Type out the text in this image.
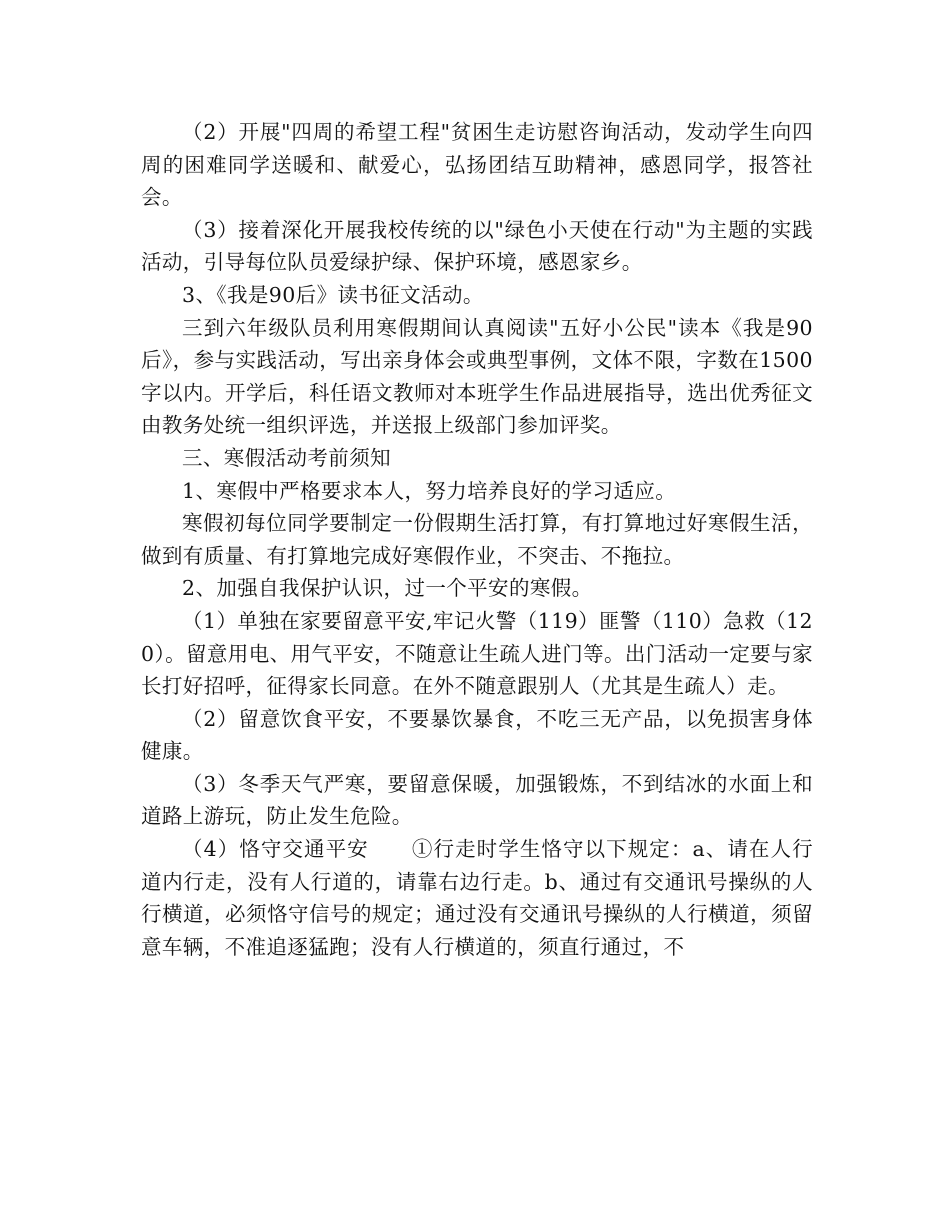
（2）开展"四周的希望工程"贫困生走访慰咨询活动，发动学生向四周的困难同学送暖和、献爱心，弘扬团结互助精神，感恩同学，报答社会。

（3）接着深化开展我校传统的以"绿色小天使在行动"为主题的实践活动，引导每位队员爱绿护绿、保护环境，感恩家乡。

3、《我是90后》读书征文活动。

三到六年级队员利用寒假期间认真阅读"五好小公民"读本《我是90后》，参与实践活动，写出亲身体会或典型事例，文体不限，字数在1500字以内。开学后，科任语文教师对本班学生作品进展指导，选出优秀征文由教务处统一组织评选，并送报上级部门参加评奖。

三、寒假活动考前须知

1、寒假中严格要求本人，努力培养良好的学习适应。

寒假初每位同学要制定一份假期生活打算，有打算地过好寒假生活，做到有质量、有打算地完成好寒假作业，不突击、不拖拉。

2、加强自我保护认识，过一个平安的寒假。

（1）单独在家要留意平安,牢记火警（119）匪警（110）急救（120）。留意用电、用气平安，不随意让生疏人进门等。出门活动一定要与家长打好招呼，征得家长同意。在外不随意跟别人（尤其是生疏人）走。

（2）留意饮食平安，不要暴饮暴食，不吃三无产品，以免损害身体健康。

（3）冬季天气严寒，要留意保暖，加强锻炼，不到结冰的水面上和道路上游玩，防止发生危险。

（4）恪守交通平安　　①行走时学生恪守以下规定：a、请在人行道内行走，没有人行道的，请靠右边行走。b、通过有交通讯号操纵的人行横道，必须恪守信号的规定；通过没有交通讯号操纵的人行横道，须留意车辆，不准追逐猛跑；没有人行横道的，须直行通过，不
